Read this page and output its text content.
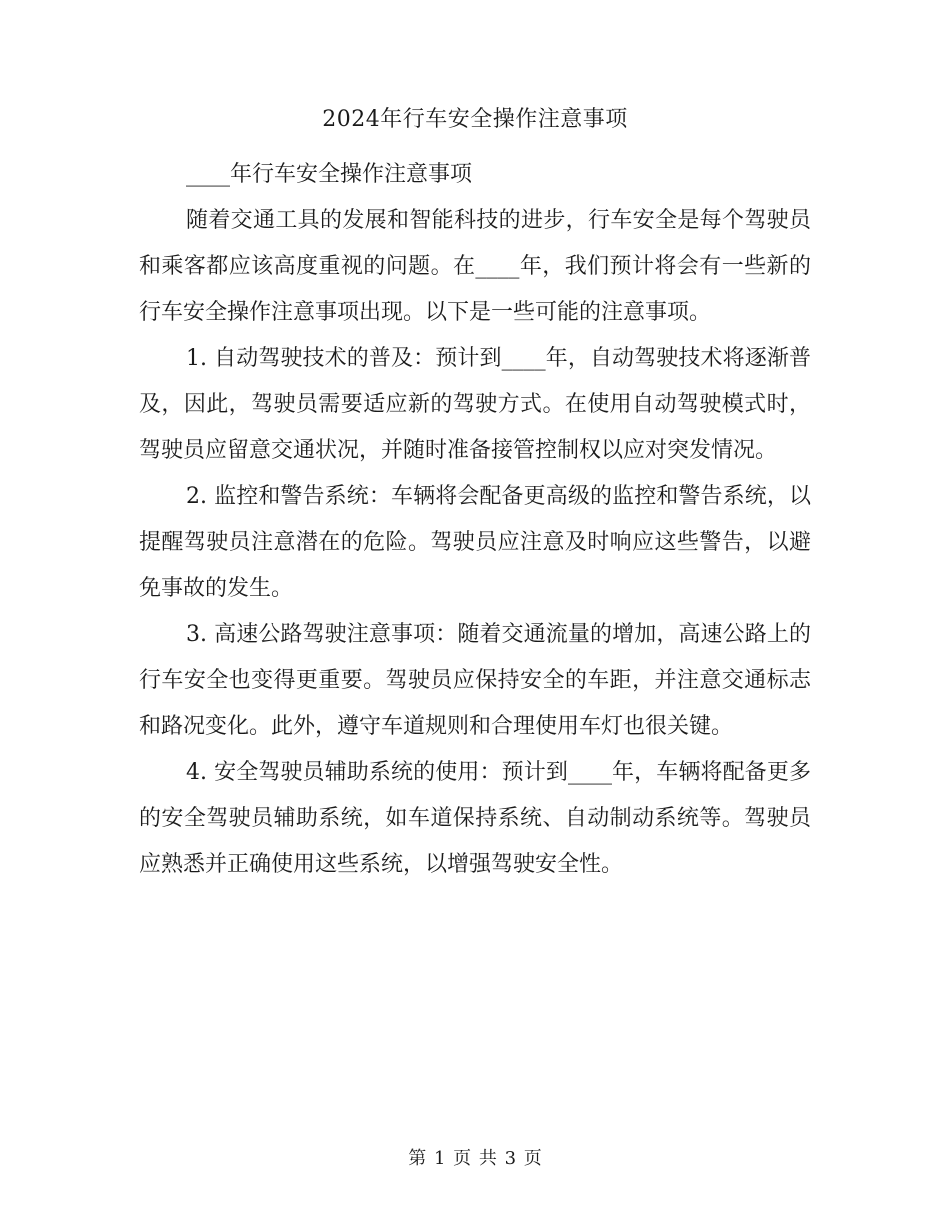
2024年行车安全操作注意事项

____年行车安全操作注意事项

随着交通工具的发展和智能科技的进步，行车安全是每个驾驶员和乘客都应该高度重视的问题。在____年，我们预计将会有一些新的行车安全操作注意事项出现。以下是一些可能的注意事项。

1. 自动驾驶技术的普及：预计到____年，自动驾驶技术将逐渐普及，因此，驾驶员需要适应新的驾驶方式。在使用自动驾驶模式时，驾驶员应留意交通状况，并随时准备接管控制权以应对突发情况。

2. 监控和警告系统：车辆将会配备更高级的监控和警告系统，以提醒驾驶员注意潜在的危险。驾驶员应注意及时响应这些警告，以避免事故的发生。

3. 高速公路驾驶注意事项：随着交通流量的增加，高速公路上的行车安全也变得更重要。驾驶员应保持安全的车距，并注意交通标志和路况变化。此外，遵守车道规则和合理使用车灯也很关键。

4. 安全驾驶员辅助系统的使用：预计到____年，车辆将配备更多的安全驾驶员辅助系统，如车道保持系统、自动制动系统等。驾驶员应熟悉并正确使用这些系统，以增强驾驶安全性。

第 1 页 共 3 页
